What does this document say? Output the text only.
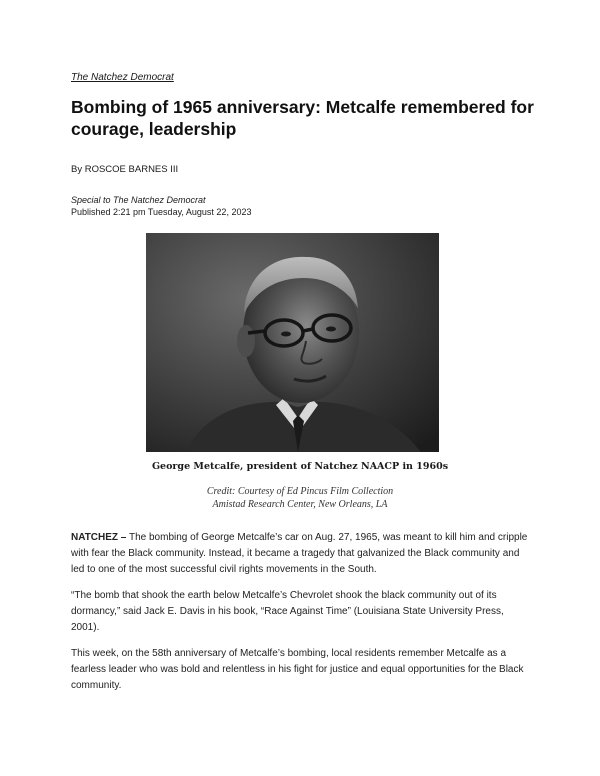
The Natchez Democrat
Bombing of 1965 anniversary: Metcalfe remembered for courage, leadership
By ROSCOE BARNES III
Special to The Natchez Democrat
Published 2:21 pm Tuesday, August 22, 2023
George Metcalfe, president of Natchez NAACP in 1960s
Credit: Courtesy of Ed Pincus Film Collection
Amistad Research Center, New Orleans, LA

NATCHEZ – The bombing of George Metcalfe’s car on Aug. 27, 1965, was meant to kill him and cripple with fear the Black community. Instead, it became a tragedy that galvanized the Black community and led to one of the most successful civil rights movements in the South.

“The bomb that shook the earth below Metcalfe’s Chevrolet shook the black community out of its dormancy,” said Jack E. Davis in his book, “Race Against Time” (Louisiana State University Press, 2001).

This week, on the 58th anniversary of Metcalfe’s bombing, local residents remember Metcalfe as a fearless leader who was bold and relentless in his fight for justice and equal opportunities for the Black community.
